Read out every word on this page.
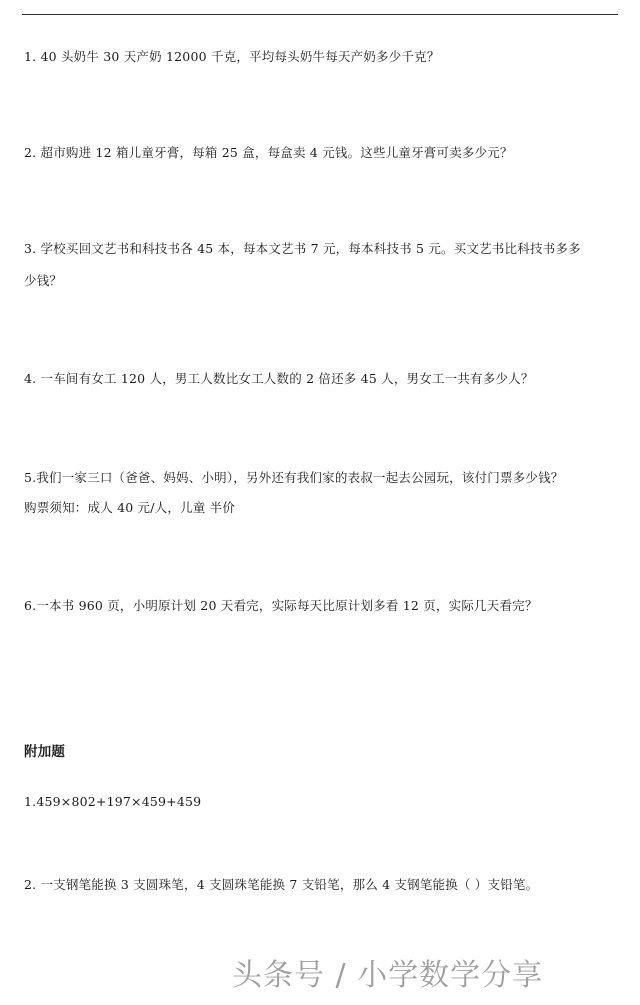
1. 40 头奶牛 30 天产奶 12000 千克，平均每头奶牛每天产奶多少千克？
2. 超市购进 12 箱儿童牙膏，每箱 25 盒，每盒卖 4 元钱。这些儿童牙膏可卖多少元？
3. 学校买回文艺书和科技书各 45 本，每本文艺书 7 元，每本科技书 5 元。买文艺书比科技书多多
少钱？
4. 一车间有女工 120 人，男工人数比女工人数的 2 倍还多 45 人，男女工一共有多少人？
5.我们一家三口（爸爸、妈妈、小明），另外还有我们家的表叔一起去公园玩，该付门票多少钱？
购票须知：成人 40 元/人，儿童 半价
6.一本书 960 页，小明原计划 20 天看完，实际每天比原计划多看 12 页，实际几天看完？
附加题
1.459×802+197×459+459
2. 一支钢笔能换 3 支圆珠笔，4 支圆珠笔能换 7 支铅笔，那么 4 支钢笔能换（ ）支铅笔。
头条号 / 小学数学分享
